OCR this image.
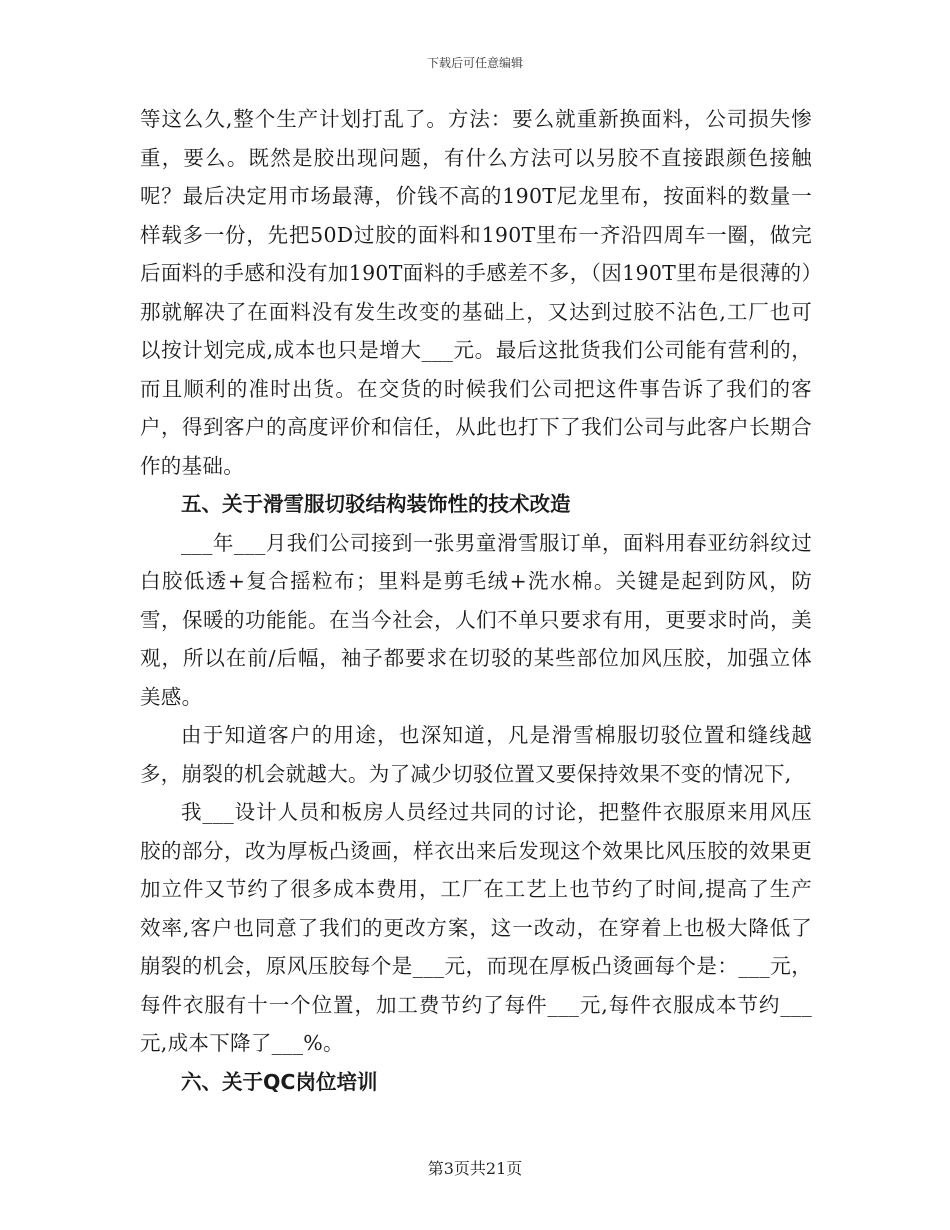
下载后可任意编辑

等这么久,整个生产计划打乱了。方法：要么就重新换面料，公司损失惨重，要么。既然是胶出现问题，有什么方法可以另胶不直接跟颜色接触呢？最后决定用市场最薄，价钱不高的190T尼龙里布，按面料的数量一样载多一份，先把50D过胶的面料和190T里布一齐沿四周车一圈，做完后面料的手感和没有加190T面料的手感差不多，（因190T里布是很薄的）那就解决了在面料没有发生改变的基础上，又达到过胶不沾色,工厂也可以按计划完成,成本也只是增大___元。最后这批货我们公司能有营利的，而且顺利的准时出货。在交货的时候我们公司把这件事告诉了我们的客户，得到客户的高度评价和信任，从此也打下了我们公司与此客户长期合作的基础。

五、关于滑雪服切驳结构装饰性的技术改造

___年___月我们公司接到一张男童滑雪服订单，面料用春亚纺斜纹过白胶低透+复合摇粒布；里料是剪毛绒+洗水棉。关键是起到防风，防雪，保暖的功能能。在当今社会，人们不单只要求有用，更要求时尚，美观，所以在前/后幅，袖子都要求在切驳的某些部位加风压胶，加强立体美感。

由于知道客户的用途，也深知道，凡是滑雪棉服切驳位置和缝线越多，崩裂的机会就越大。为了减少切驳位置又要保持效果不变的情况下,

我___设计人员和板房人员经过共同的讨论，把整件衣服原来用风压胶的部分，改为厚板凸烫画，样衣出来后发现这个效果比风压胶的效果更加立件又节约了很多成本费用，工厂在工艺上也节约了时间,提高了生产效率,客户也同意了我们的更改方案，这一改动，在穿着上也极大降低了崩裂的机会，原风压胶每个是___元，而现在厚板凸烫画每个是：___元，每件衣服有十一个位置，加工费节约了每件___元,每件衣服成本节约___元,成本下降了___%。

六、关于QC岗位培训

第3页共21页
